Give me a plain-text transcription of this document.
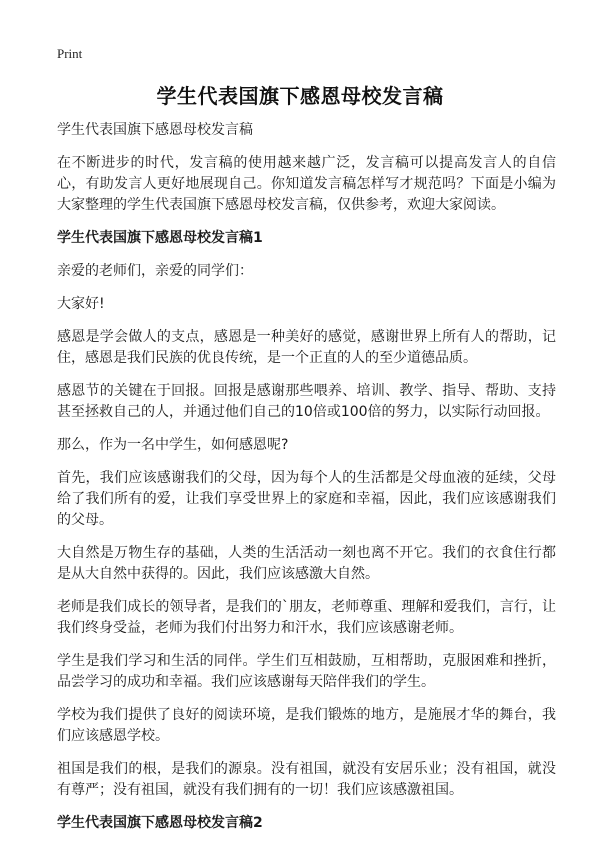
Print
学生代表国旗下感恩母校发言稿
学生代表国旗下感恩母校发言稿

在不断进步的时代，发言稿的使用越来越广泛，发言稿可以提高发言人的自信心，有助发言人更好地展现自己。你知道发言稿怎样写才规范吗？下面是小编为大家整理的学生代表国旗下感恩母校发言稿，仅供参考，欢迎大家阅读。

学生代表国旗下感恩母校发言稿1

亲爱的老师们，亲爱的同学们：

大家好!

感恩是学会做人的支点，感恩是一种美好的感觉，感谢世界上所有人的帮助，记住，感恩是我们民族的优良传统，是一个正直的人的至少道德品质。

感恩节的关键在于回报。回报是感谢那些喂养、培训、教学、指导、帮助、支持甚至拯救自己的人，并通过他们自己的10倍或100倍的努力，以实际行动回报。

那么，作为一名中学生，如何感恩呢?

首先，我们应该感谢我们的父母，因为每个人的生活都是父母血液的延续，父母给了我们所有的爱，让我们享受世界上的家庭和幸福，因此，我们应该感谢我们的父母。

大自然是万物生存的基础，人类的生活活动一刻也离不开它。我们的衣食住行都是从大自然中获得的。因此，我们应该感激大自然。

老师是我们成长的领导者，是我们的`朋友，老师尊重、理解和爱我们，言行，让我们终身受益，老师为我们付出努力和汗水，我们应该感谢老师。

学生是我们学习和生活的同伴。学生们互相鼓励，互相帮助，克服困难和挫折，品尝学习的成功和幸福。我们应该感谢每天陪伴我们的学生。

学校为我们提供了良好的阅读环境，是我们锻炼的地方，是施展才华的舞台，我们应该感恩学校。

祖国是我们的根，是我们的源泉。没有祖国，就没有安居乐业；没有祖国，就没有尊严；没有祖国，就没有我们拥有的一切！我们应该感激祖国。

学生代表国旗下感恩母校发言稿2
